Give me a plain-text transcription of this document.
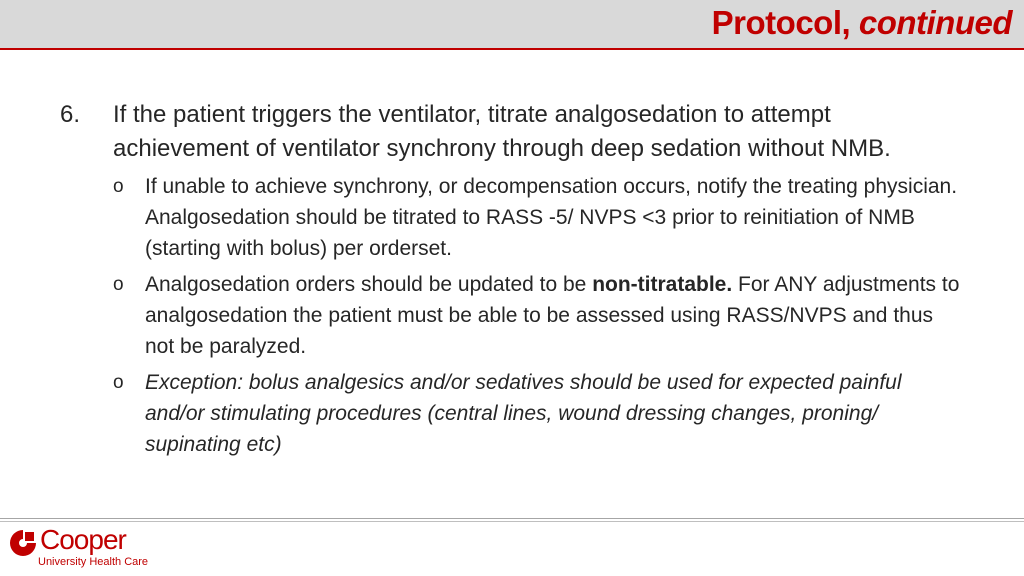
Protocol, continued
6. If the patient triggers the ventilator, titrate analgosedation to attempt achievement of ventilator synchrony through deep sedation without NMB.
o If unable to achieve synchrony, or decompensation occurs, notify the treating physician. Analgosedation should be titrated to RASS -5/ NVPS <3 prior to reinitiation of NMB (starting with bolus) per orderset.
o Analgosedation orders should be updated to be non-titratable. For ANY adjustments to analgosedation the patient must be able to be assessed using RASS/NVPS and thus not be paralyzed.
o Exception: bolus analgesics and/or sedatives should be used for expected painful and/or stimulating procedures (central lines, wound dressing changes, proning/ supinating etc)
Cooper
University Health Care
